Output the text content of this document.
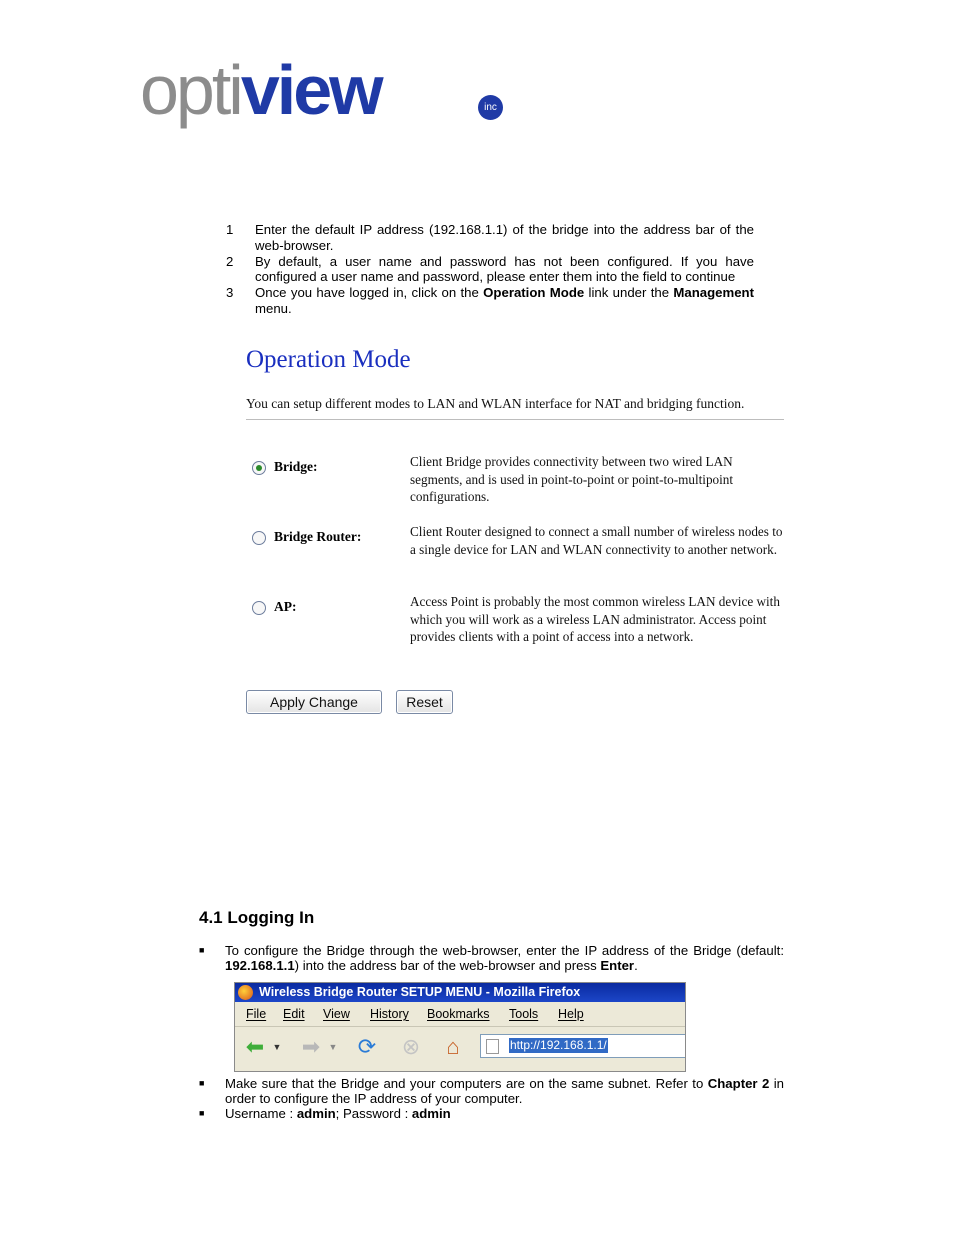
optiview	inc
1	Enter the default IP address (192.168.1.1) of the bridge into the address bar of the web-browser.
2	By default, a user name and password has not been configured. If you have configured a user name and password, please enter them into the field to continue
3	Once you have logged in, click on the Operation Mode link under the Management menu.
Operation Mode
You can setup different modes to LAN and WLAN interface for NAT and bridging function.
Bridge:	Client Bridge provides connectivity between two wired LAN segments, and is used in point-to-point or point-to-multipoint configurations.
Bridge Router:	Client Router designed to connect a small number of wireless nodes to a single device for LAN and WLAN connectivity to another network.
AP:	Access Point is probably the most common wireless LAN device with which you will work as a wireless LAN administrator. Access point provides clients with a point of access into a network.
Apply Change	Reset
4.1 Logging In
■	To configure the Bridge through the web-browser, enter the IP address of the Bridge (default: 192.168.1.1) into the address bar of the web-browser and press Enter.
Wireless Bridge Router SETUP MENU - Mozilla Firefox
File Edit View History Bookmarks Tools Help
⬅ ▼ ➡ ▼ ⟳ ⊗	⌂	http://192.168.1.1/
■	Make sure that the Bridge and your computers are on the same subnet. Refer to Chapter 2 in order to configure the IP address of your computer.
■	Username : admin; Password : admin
